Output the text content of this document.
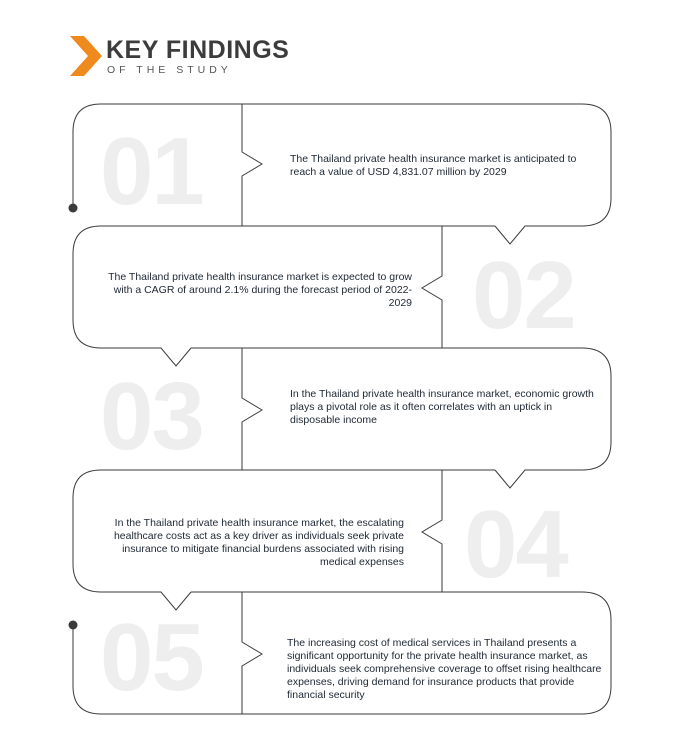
KEY FINDINGS
OF THE STUDY
01
02
03
04
05
The Thailand private health insurance market is anticipated to reach a value of USD 4,831.07 million by 2029
The Thailand private health insurance market is expected to grow with a CAGR of around 2.1% during the forecast period of 2022-2029
In the Thailand private health insurance market, economic growth plays a pivotal role as it often correlates with an uptick in disposable income
In the Thailand private health insurance market, the escalating healthcare costs act as a key driver as individuals seek private insurance to mitigate financial burdens associated with rising medical expenses
The increasing cost of medical services in Thailand presents a significant opportunity for the private health insurance market, as individuals seek comprehensive coverage to offset rising healthcare expenses, driving demand for insurance products that provide financial security
